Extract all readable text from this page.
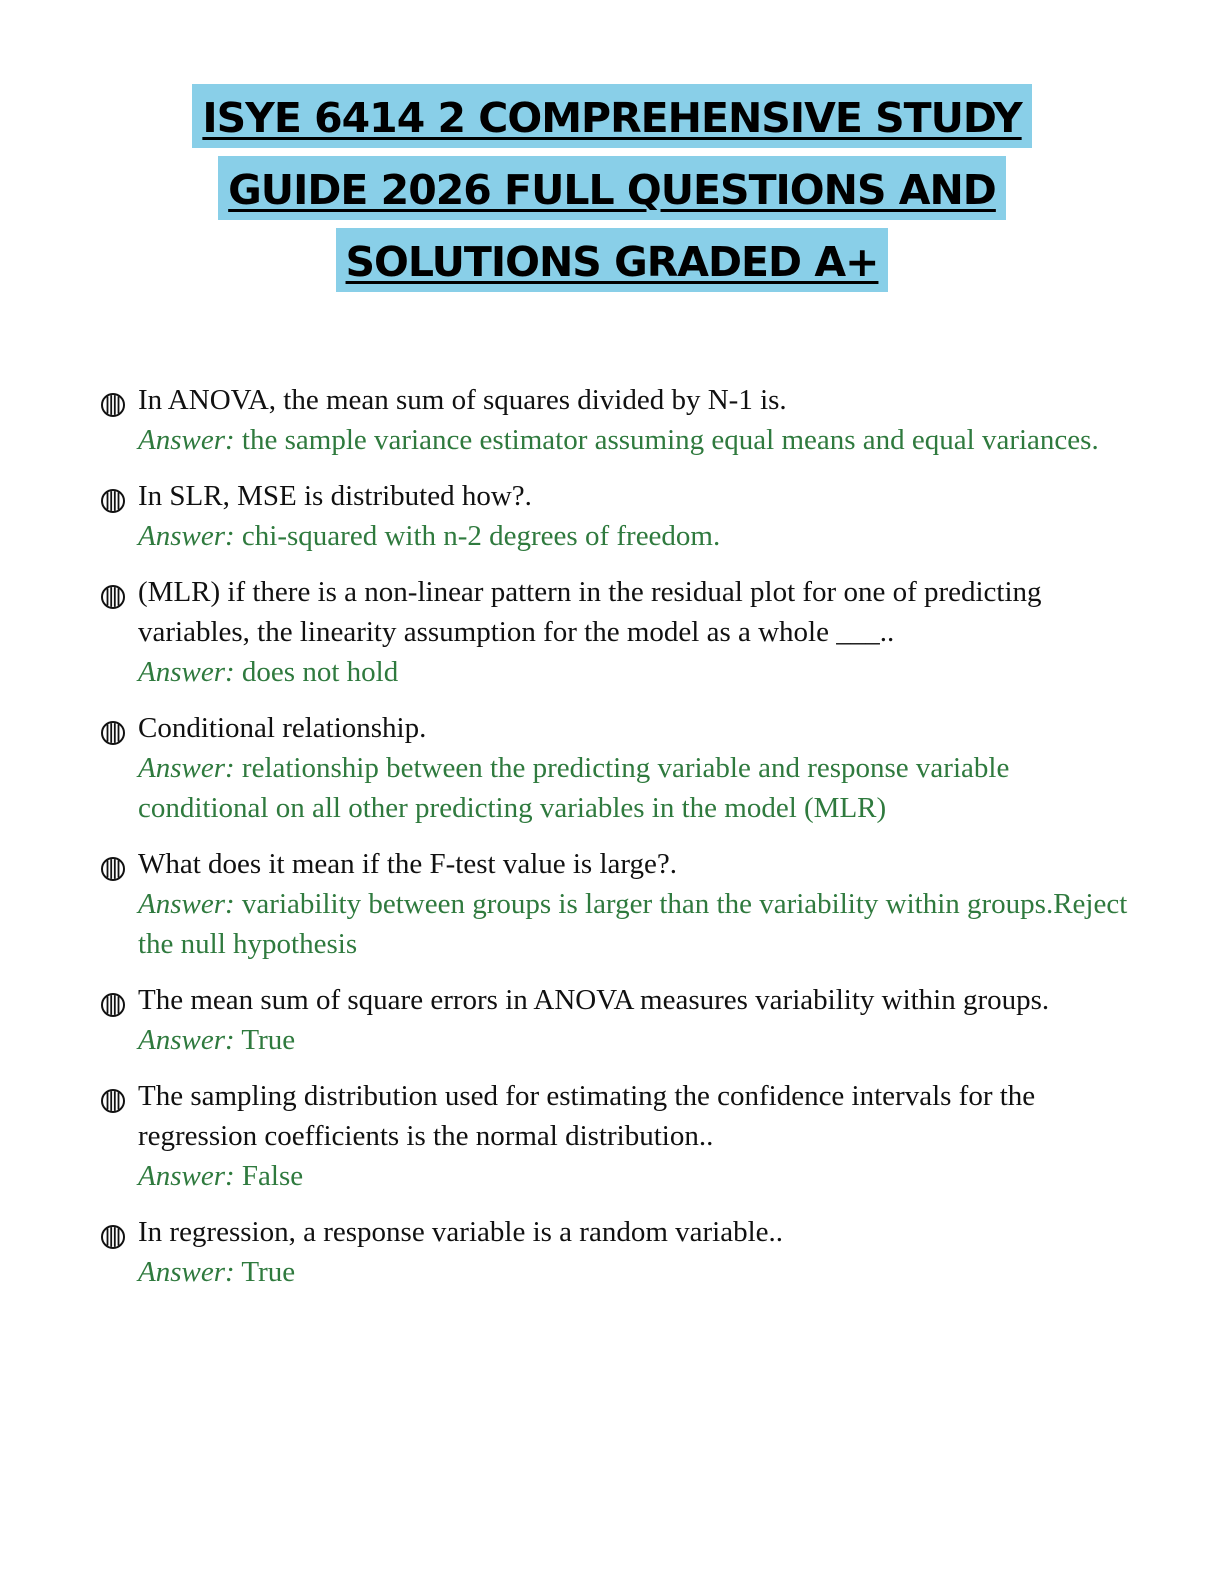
ISYE 6414 2 COMPREHENSIVE STUDY
GUIDE 2026 FULL QUESTIONS AND
SOLUTIONS GRADED A+
In ANOVA, the mean sum of squares divided by N-1 is.
Answer: the sample variance estimator assuming equal means and equal variances.
In SLR, MSE is distributed how?.
Answer: chi-squared with n-2 degrees of freedom.
(MLR) if there is a non-linear pattern in the residual plot for one of predicting variables, the linearity assumption for the model as a whole ___..
Answer: does not hold
Conditional relationship.
Answer: relationship between the predicting variable and response variable conditional on all other predicting variables in the model (MLR)
What does it mean if the F-test value is large?.
Answer: variability between groups is larger than the variability within groups.Reject the null hypothesis
The mean sum of square errors in ANOVA measures variability within groups.
Answer: True
The sampling distribution used for estimating the confidence intervals for the regression coefficients is the normal distribution..
Answer: False
In regression, a response variable is a random variable..
Answer: True
